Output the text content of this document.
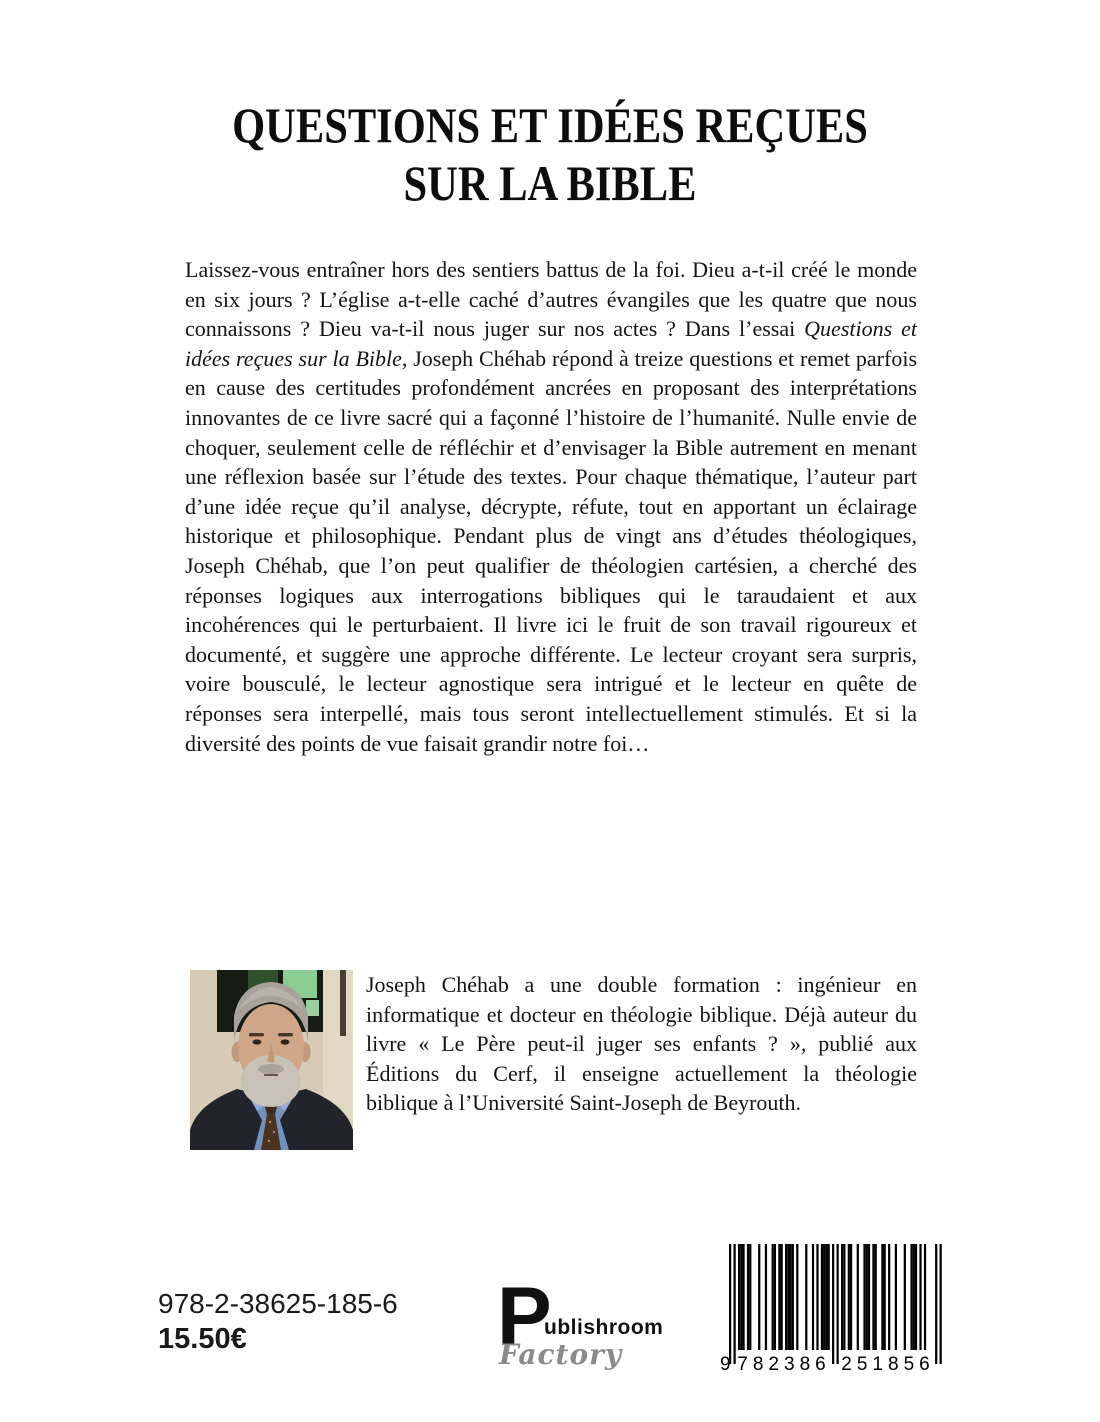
QUESTIONS ET IDÉES REÇUES
SUR LA BIBLE

Laissez-vous entraîner hors des sentiers battus de la foi. Dieu a-t-il créé le monde en six jours ? L’église a-t-elle caché d’autres évangiles que les quatre que nous connaissons ? Dieu va-t-il nous juger sur nos actes ? Dans l’essai Questions et idées reçues sur la Bible, Joseph Chéhab répond à treize questions et remet parfois en cause des certitudes profondément ancrées en proposant des interprétations innovantes de ce livre sacré qui a façonné l’histoire de l’humanité. Nulle envie de choquer, seulement celle de réfléchir et d’envisager la Bible autrement en menant une réflexion basée sur l’étude des textes. Pour chaque thématique, l’auteur part d’une idée reçue qu’il analyse, décrypte, réfute, tout en apportant un éclairage historique et philosophique. Pendant plus de vingt ans d’études théologiques, Joseph Chéhab, que l’on peut qualifier de théologien cartésien, a cherché des réponses logiques aux interrogations bibliques qui le taraudaient et aux incohérences qui le perturbaient. Il livre ici le fruit de son travail rigoureux et documenté, et suggère une approche différente. Le lecteur croyant sera surpris, voire bousculé, le lecteur agnostique sera intrigué et le lecteur en quête de réponses sera interpellé, mais tous seront intellectuellement stimulés. Et si la diversité des points de vue faisait grandir notre foi…

Joseph Chéhab a une double formation : ingénieur en informatique et docteur en théologie biblique. Déjà auteur du livre « Le Père peut-il juger ses enfants ? », publié aux Éditions du Cerf, il enseigne actuellement la théologie biblique à l’Université Saint-Joseph de Beyrouth.

978-2-38625-185-6
15.50€	P
ublishroom
Factory	9 782386 251856
